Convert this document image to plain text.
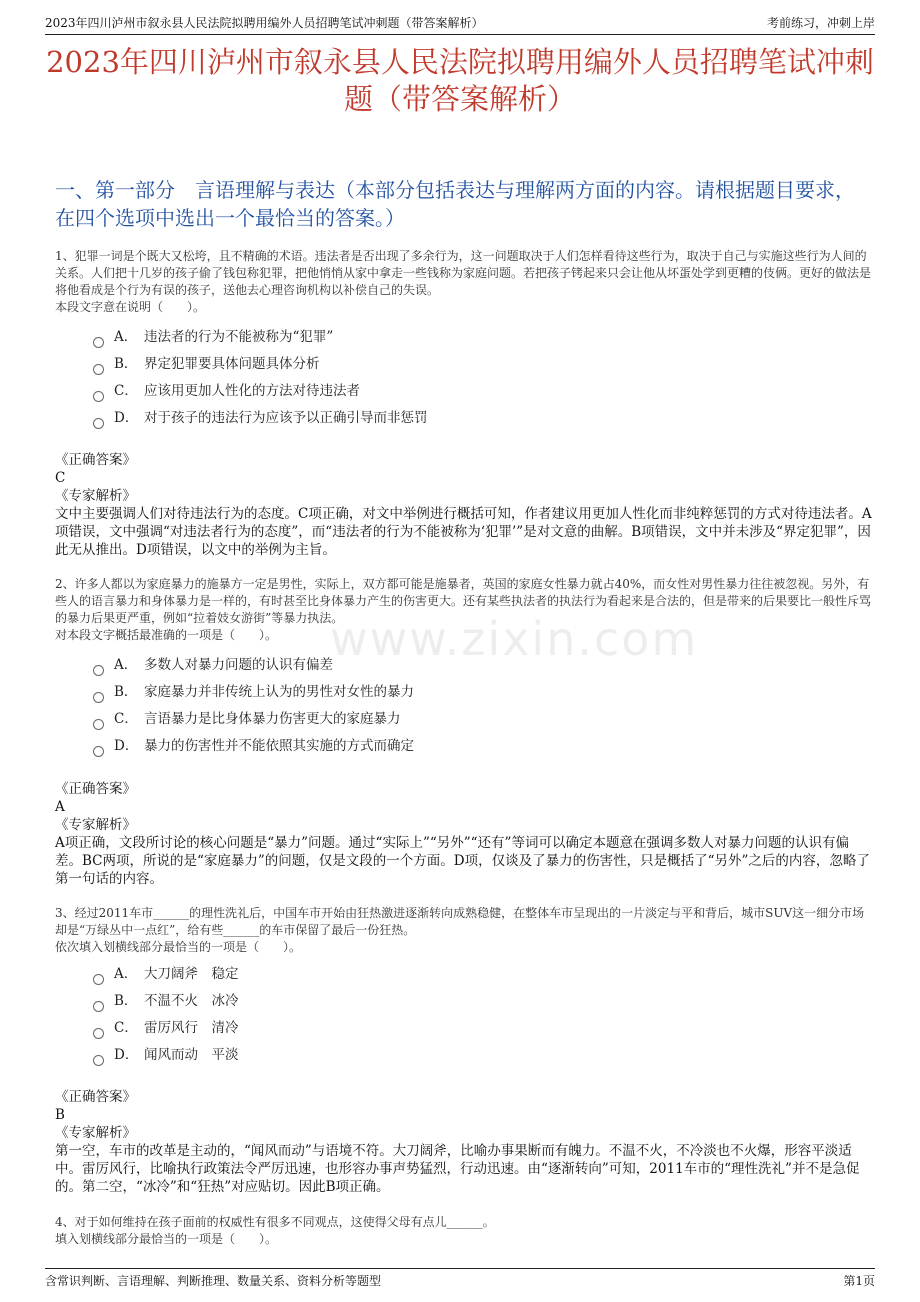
2023年四川泸州市叙永县人民法院拟聘用编外人员招聘笔试冲刺题（带答案解析）	考前练习，冲刺上岸
www.zixin.com
2023年四川泸州市叙永县人民法院拟聘用编外人员招聘笔试冲刺题（带答案解析）
一、第一部分　言语理解与表达（本部分包括表达与理解两方面的内容。请根据题目要求，在四个选项中选出一个最恰当的答案。）

1、犯罪一词是个既大又松垮，且不精确的术语。违法者是否出现了多余行为，这一问题取决于人们怎样看待这些行为，取决于自己与实施这些行为人间的关系。人们把十几岁的孩子偷了钱包称犯罪，把他悄悄从家中拿走一些钱称为家庭问题。若把孩子铐起来只会让他从坏蛋处学到更糟的伎俩。更好的做法是将他看成是个行为有误的孩子，送他去心理咨询机构以补偿自己的失误。

本段文字意在说明（　　）。

A． 违法者的行为不能被称为“犯罪”
B． 界定犯罪要具体问题具体分析
C． 应该用更加人性化的方法对待违法者
D． 对于孩子的违法行为应该予以正确引导而非惩罚

《正确答案》

C

《专家解析》

文中主要强调人们对待违法行为的态度。C项正确，对文中举例进行概括可知，作者建议用更加人性化而非纯粹惩罚的方式对待违法者。A项错误，文中强调“对违法者行为的态度”，而“违法者的行为不能被称为‘犯罪’”是对文意的曲解。B项错误，文中并未涉及“界定犯罪”，因此无从推出。D项错误，以文中的举例为主旨。

2、许多人都以为家庭暴力的施暴方一定是男性，实际上，双方都可能是施暴者，英国的家庭女性暴力就占40%，而女性对男性暴力往往被忽视。另外，有些人的语言暴力和身体暴力是一样的，有时甚至比身体暴力产生的伤害更大。还有某些执法者的执法行为看起来是合法的，但是带来的后果要比一般性斥骂的暴力后果更严重，例如“拉着妓女游街”等暴力执法。

对本段文字概括最准确的一项是（　　）。

A． 多数人对暴力问题的认识有偏差
B． 家庭暴力并非传统上认为的男性对女性的暴力
C． 言语暴力是比身体暴力伤害更大的家庭暴力
D． 暴力的伤害性并不能依照其实施的方式而确定

《正确答案》

A

《专家解析》

A项正确，文段所讨论的核心问题是“暴力”问题。通过“实际上”“另外”“还有”等词可以确定本题意在强调多数人对暴力问题的认识有偏差。BC两项，所说的是“家庭暴力”的问题，仅是文段的一个方面。D项，仅谈及了暴力的伤害性，只是概括了“另外”之后的内容，忽略了第一句话的内容。

3、经过2011车市______的理性洗礼后，中国车市开始由狂热激进逐渐转向成熟稳健，在整体车市呈现出的一片淡定与平和背后，城市SUV这一细分市场却是“万绿丛中一点红”，给有些______的车市保留了最后一份狂热。

依次填入划横线部分最恰当的一项是（　　）。

A． 大刀阔斧　稳定
B． 不温不火　冰冷
C． 雷厉风行　清冷
D． 闻风而动　平淡

《正确答案》

B

《专家解析》

第一空，车市的改革是主动的，“闻风而动”与语境不符。大刀阔斧，比喻办事果断而有魄力。不温不火，不冷淡也不火爆，形容平淡适中。雷厉风行，比喻执行政策法令严厉迅速，也形容办事声势猛烈，行动迅速。由“逐渐转向”可知，2011车市的“理性洗礼”并不是急促的。第二空，“冰冷”和“狂热”对应贴切。因此B项正确。

4、对于如何维持在孩子面前的权威性有很多不同观点，这使得父母有点儿______。

填入划横线部分最恰当的一项是（　　）。

含常识判断、言语理解、判断推理、数量关系、资料分析等题型	第1页
